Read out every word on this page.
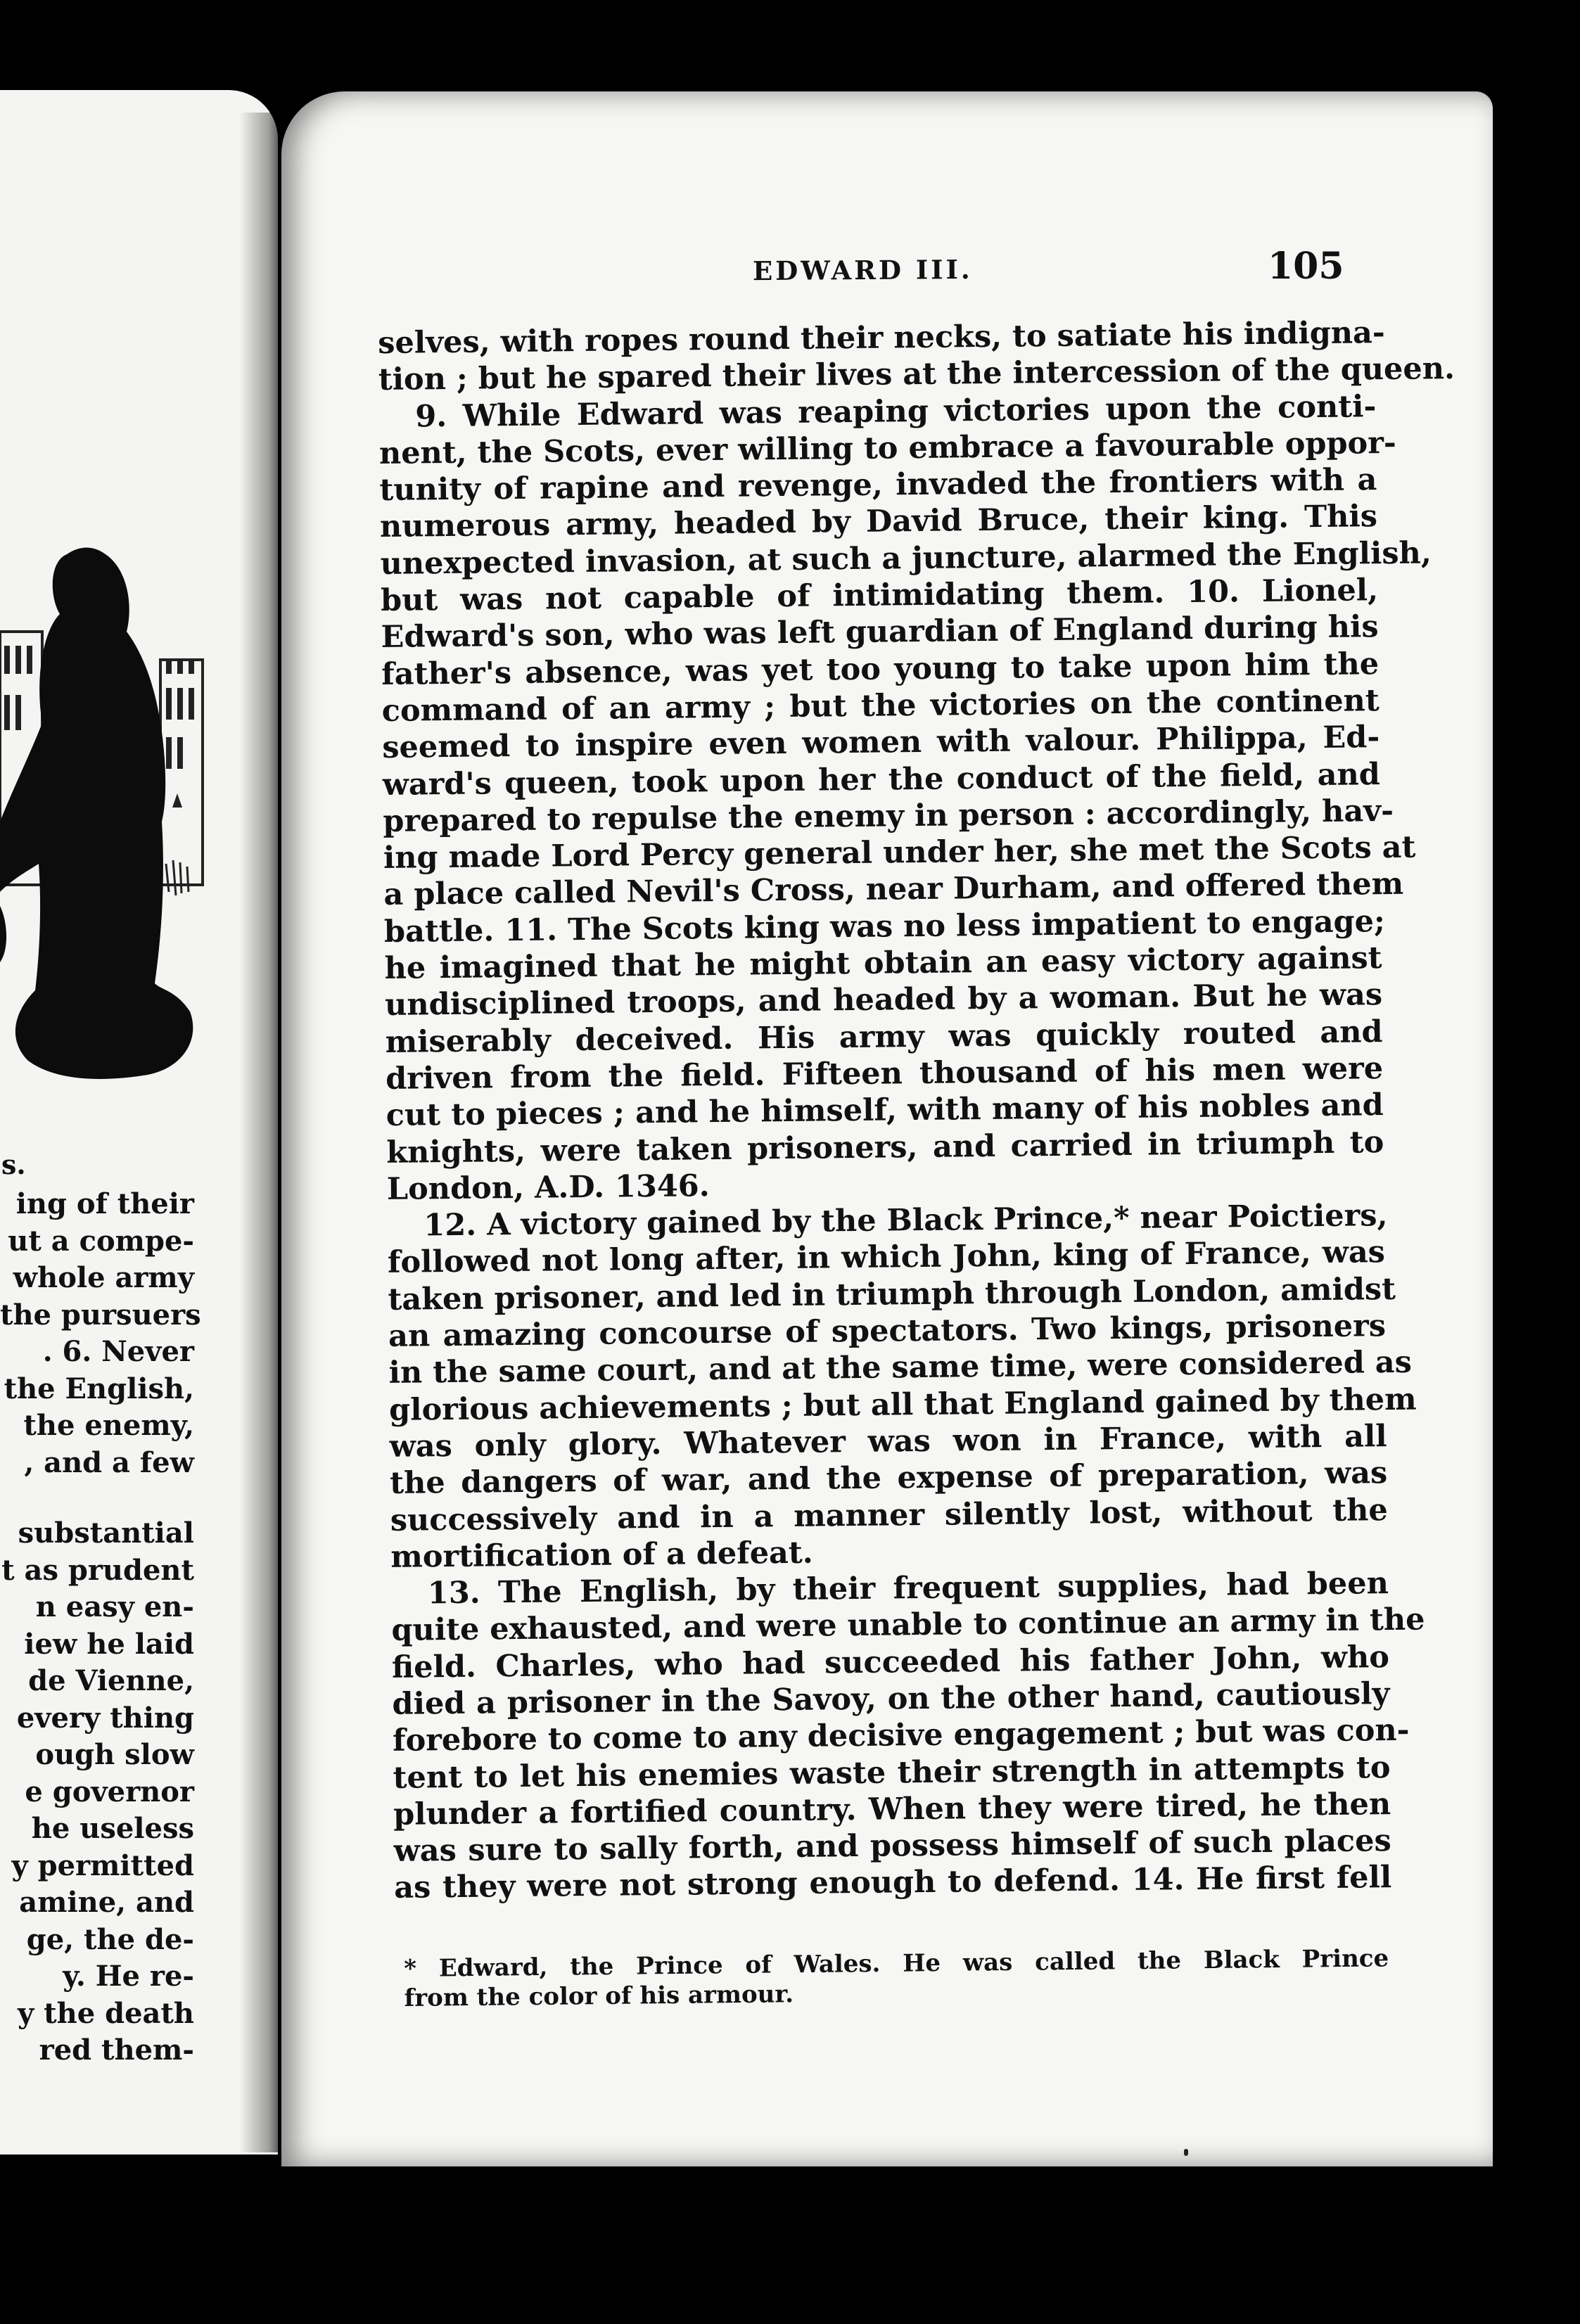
s.
ing of their
ut a compe-
whole army
the pursuers
. 6. Never
the English,
the enemy,
, and a few
substantial
t as prudent
n easy en-
iew he laid
de Vienne,
every thing
ough slow
e governor
he useless
y permitted
amine, and
ge, the de-
y. He re-
y the death
red them-
EDWARD III.	105
selves, with ropes round their necks, to satiate his indigna-
tion ; but he spared their lives at the intercession of the queen.
9. While Edward was reaping victories upon the conti-
nent, the Scots, ever willing to embrace a favourable oppor-
tunity of rapine and revenge, invaded the frontiers with a
numerous army, headed by David Bruce, their king. This
unexpected invasion, at such a juncture, alarmed the English,
but was not capable of intimidating them. 10. Lionel,
Edward's son, who was left guardian of England during his
father's absence, was yet too young to take upon him the
command of an army ; but the victories on the continent
seemed to inspire even women with valour. Philippa, Ed-
ward's queen, took upon her the conduct of the field, and
prepared to repulse the enemy in person : accordingly, hav-
ing made Lord Percy general under her, she met the Scots at
a place called Nevil's Cross, near Durham, and offered them
battle. 11. The Scots king was no less impatient to engage;
he imagined that he might obtain an easy victory against
undisciplined troops, and headed by a woman. But he was
miserably deceived. His army was quickly routed and
driven from the field. Fifteen thousand of his men were
cut to pieces ; and he himself, with many of his nobles and
knights, were taken prisoners, and carried in triumph to
London, A.D. 1346.
12. A victory gained by the Black Prince,* near Poictiers,
followed not long after, in which John, king of France, was
taken prisoner, and led in triumph through London, amidst
an amazing concourse of spectators. Two kings, prisoners
in the same court, and at the same time, were considered as
glorious achievements ; but all that England gained by them
was only glory. Whatever was won in France, with all
the dangers of war, and the expense of preparation, was
successively and in a manner silently lost, without the
mortification of a defeat.
13. The English, by their frequent supplies, had been
quite exhausted, and were unable to continue an army in the
field. Charles, who had succeeded his father John, who
died a prisoner in the Savoy, on the other hand, cautiously
forebore to come to any decisive engagement ; but was con-
tent to let his enemies waste their strength in attempts to
plunder a fortified country. When they were tired, he then
was sure to sally forth, and possess himself of such places
as they were not strong enough to defend. 14. He first fell
* Edward, the Prince of Wales. He was called the Black Prince
from the color of his armour.
